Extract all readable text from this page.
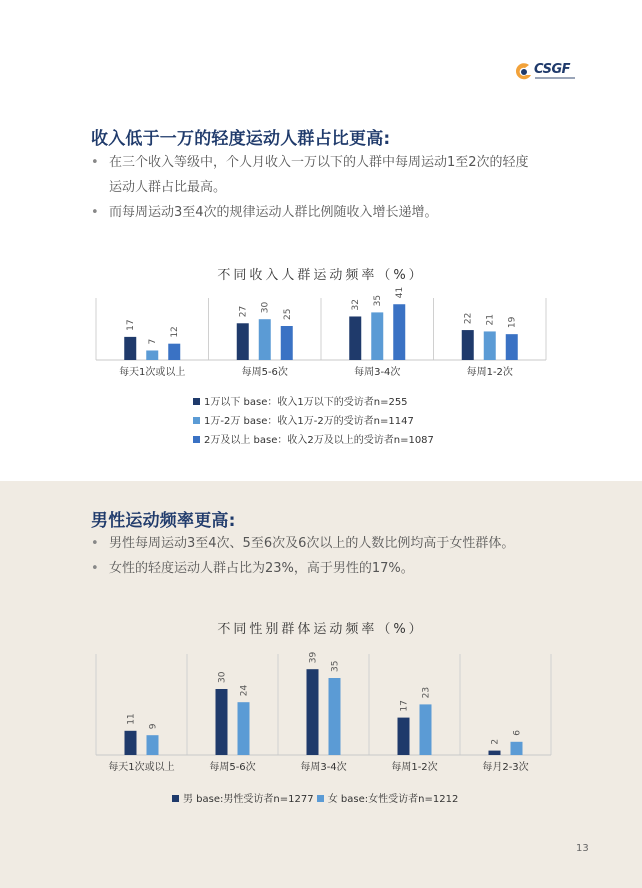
CSGF
收入低于一万的轻度运动人群占比更高:
• 在三个收入等级中，个人月收入一万以下的人群中每周运动1至2次的轻度
运动人群占比最高。
• 而每周运动3至4次的规律运动人群比例随收入增长递增。
不同收入人群运动频率（%）
17
7
12
每天1次或以上
27 30
25
每周5-6次
32 35
41
每周3-4次
22 21 19
每周1-2次
1万以下 base：收入1万以下的受访者n=255
1万-2万 base：收入1万-2万的受访者n=1147
2万及以上 base：收入2万及以上的受访者n=1087
男性运动频率更高:
• 男性每周运动3至4次、5至6次及6次以上的人数比例均高于女性群体。
• 女性的轻度运动人群占比为23%，高于男性的17%。
不同性别群体运动频率（%）
11
9
每天1次或以上
30
24
每周5-6次
39
35
每周3-4次
17
23
每周1-2次
2
6
每月2-3次
男 base:男性受访者n=1277 女 base:女性受访者n=1212
13
